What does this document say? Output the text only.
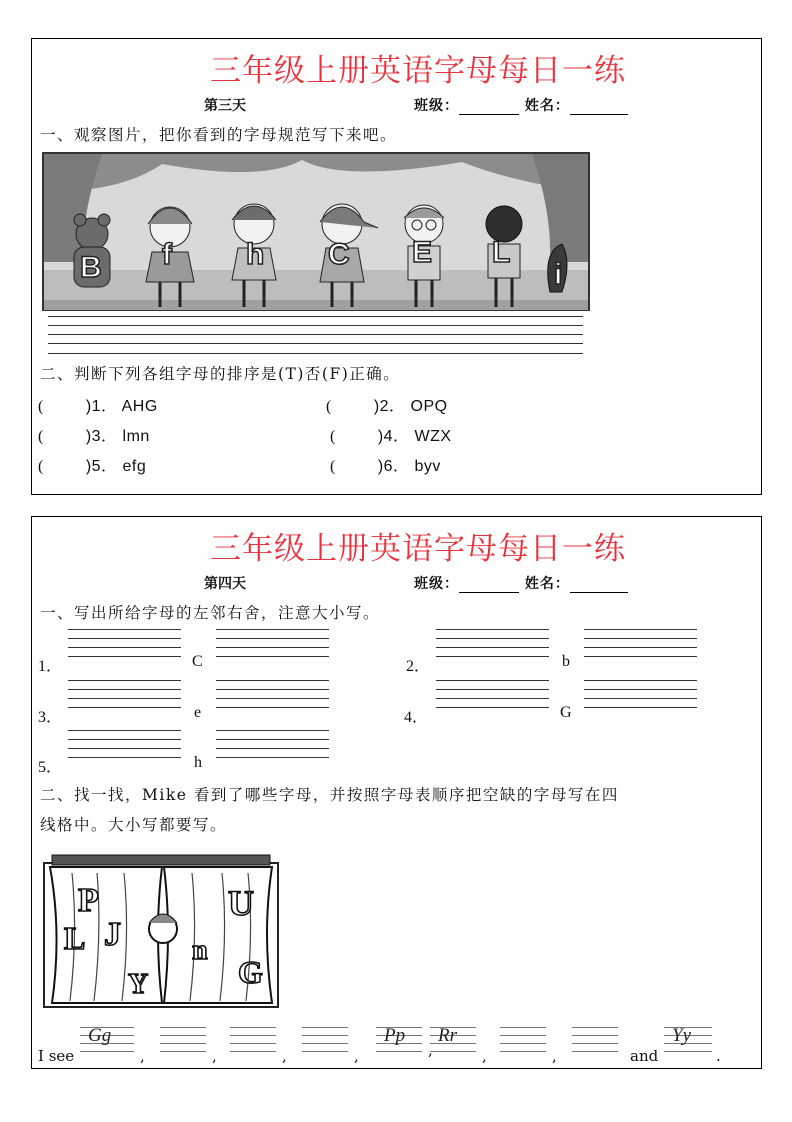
三年级上册英语字母每日一练
第三天	班级：	姓名：
一、观察图片，把你看到的字母规范写下来吧。
B f h C E L
i
二、判断下列各组字母的排序是(T)否(F)正确。
(	)1． AHG	(	)2． OPQ
(	)3． lmn	(	)4． WZX
(	)5． efg	(	)6． byv
三年级上册英语字母每日一练
第四天	班级：	姓名：
一、写出所给字母的左邻右舍，注意大小写。
1．	C	2．	b
3．	e	4．	G
5．	h
二、找一找，Mike 看到了哪些字母，并按照字母表顺序把空缺的字母写在四
线格中。大小写都要写。
P	U
L J	n
G
Y
I see
Gg
,	,	,	,
Pp
,
Rr
,	,
Yy
and	.
